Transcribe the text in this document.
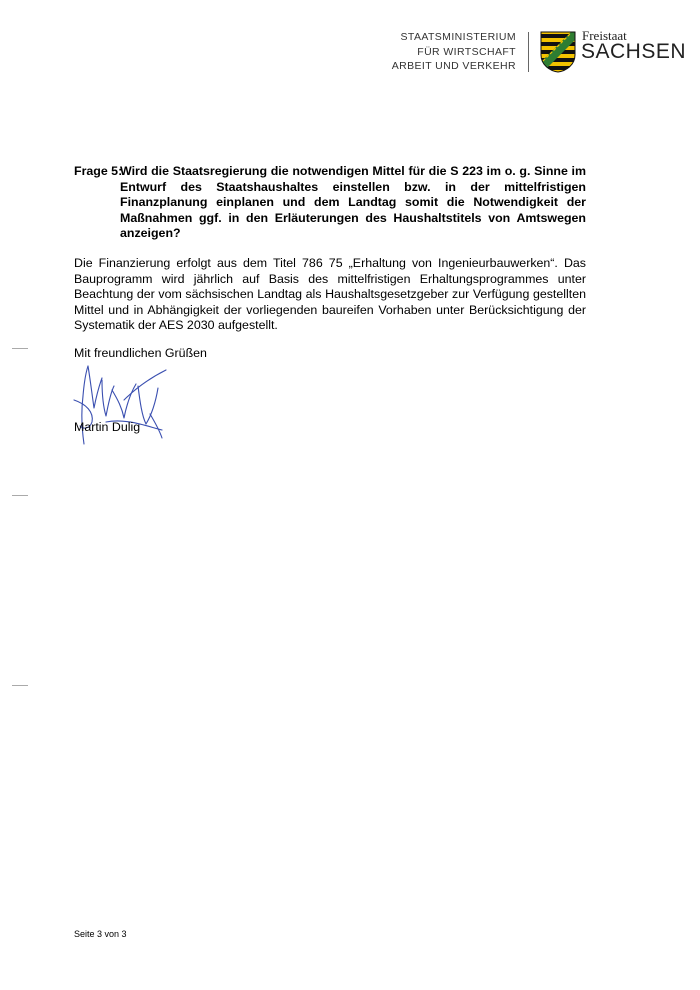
STAATSMINISTERIUM
FÜR WIRTSCHAFT
ARBEIT UND VERKEHR
Freistaat
SACHSEN
Frage 5:
Wird die Staatsregierung die notwendigen Mittel für die S 223 im o. g. Sinne im Entwurf des Staatshaushaltes einstellen bzw. in der mittelfristigen Finanzplanung einplanen und dem Landtag somit die Notwendigkeit der Maßnahmen ggf. in den Erläuterungen des Haushaltstitels von Amtswegen anzeigen?

Die Finanzierung erfolgt aus dem Titel 786 75 „Erhaltung von Ingenieurbauwerken“. Das Bauprogramm wird jährlich auf Basis des mittelfristigen Erhaltungsprogrammes unter Beachtung der vom sächsischen Landtag als Haushaltsgesetzgeber zur Verfügung gestellten Mittel und in Abhängigkeit der vorliegenden baureifen Vorhaben unter Berücksichtigung der Systematik der AES 2030 aufgestellt.

Mit freundlichen Grüßen
Martin Dulig
Seite 3 von 3
